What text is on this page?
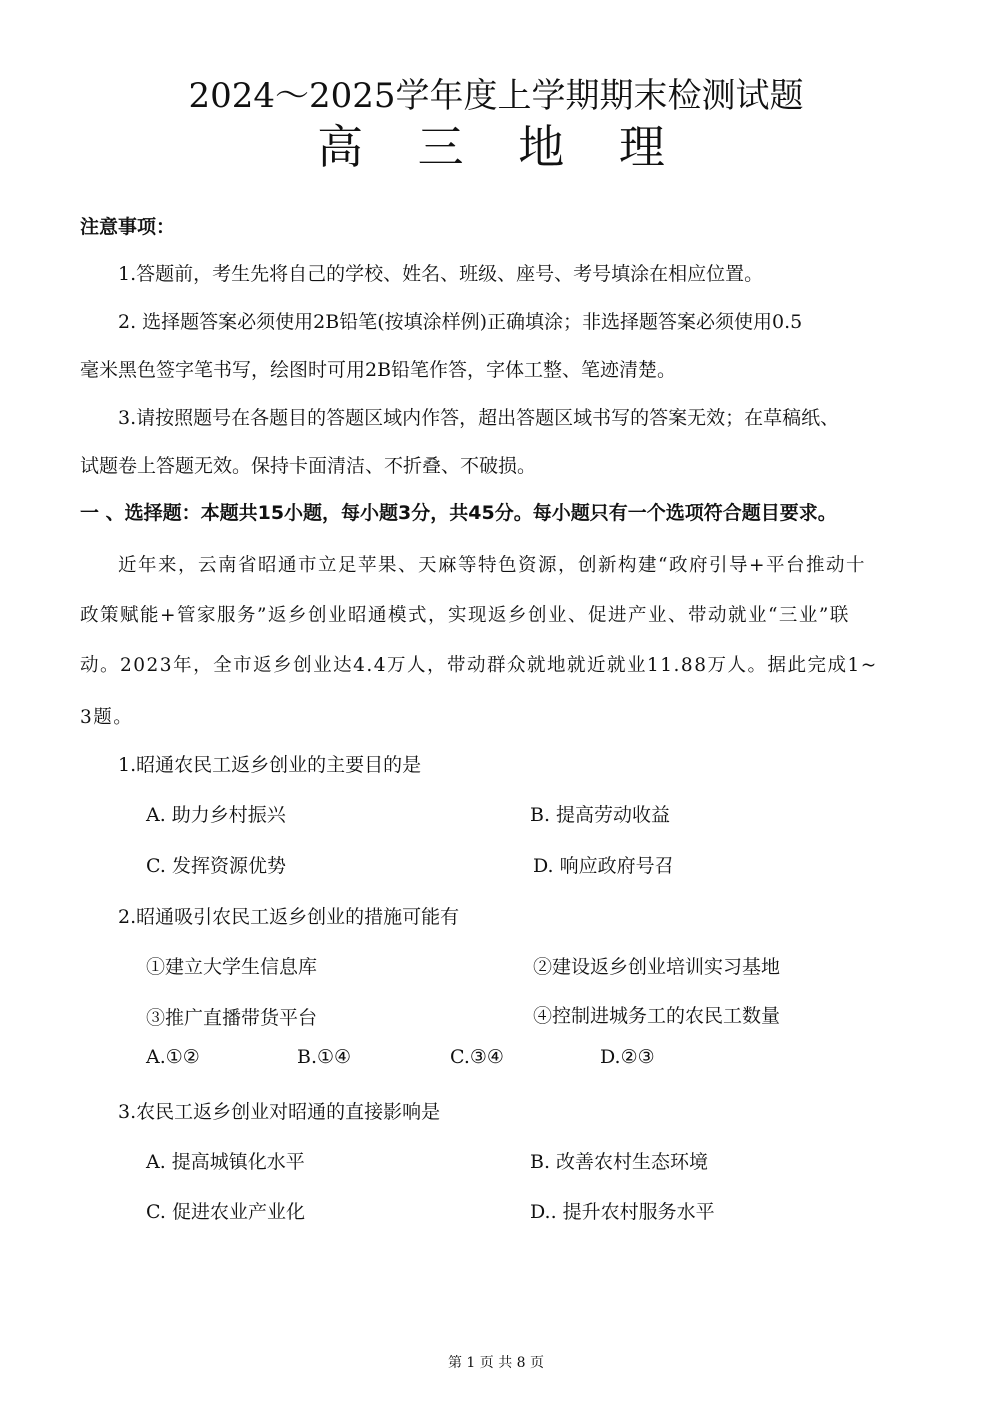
2024～2025学年度上学期期末检测试题
高 三 地 理
注意事项：
1.答题前，考生先将自己的学校、姓名、班级、座号、考号填涂在相应位置。
2. 选择题答案必须使用2B铅笔(按填涂样例)正确填涂；非选择题答案必须使用0.5
毫米黑色签字笔书写，绘图时可用2B铅笔作答，字体工整、笔迹清楚。
3.请按照题号在各题目的答题区域内作答，超出答题区域书写的答案无效；在草稿纸、
试题卷上答题无效。保持卡面清洁、不折叠、不破损。
一 、选择题：本题共15小题，每小题3分，共45分。每小题只有一个选项符合题目要求。
近年来，云南省昭通市立足苹果、天麻等特色资源，创新构建“政府引导+平台推动十
政策赋能+管家服务”返乡创业昭通模式，实现返乡创业、促进产业、带动就业“三业”联
动。2023年，全市返乡创业达4.4万人，带动群众就地就近就业11.88万人。据此完成1~
3题。
1.昭通农民工返乡创业的主要目的是
A. 助力乡村振兴	B. 提高劳动收益
C. 发挥资源优势	D. 响应政府号召
2.昭通吸引农民工返乡创业的措施可能有
①建立大学生信息库	②建设返乡创业培训实习基地
③推广直播带货平台	④控制进城务工的农民工数量
A.①②	B.①④	C.③④	D.②③
3.农民工返乡创业对昭通的直接影响是
A. 提高城镇化水平	B. 改善农村生态环境
C. 促进农业产业化	D.. 提升农村服务水平
第 1 页 共 8 页
